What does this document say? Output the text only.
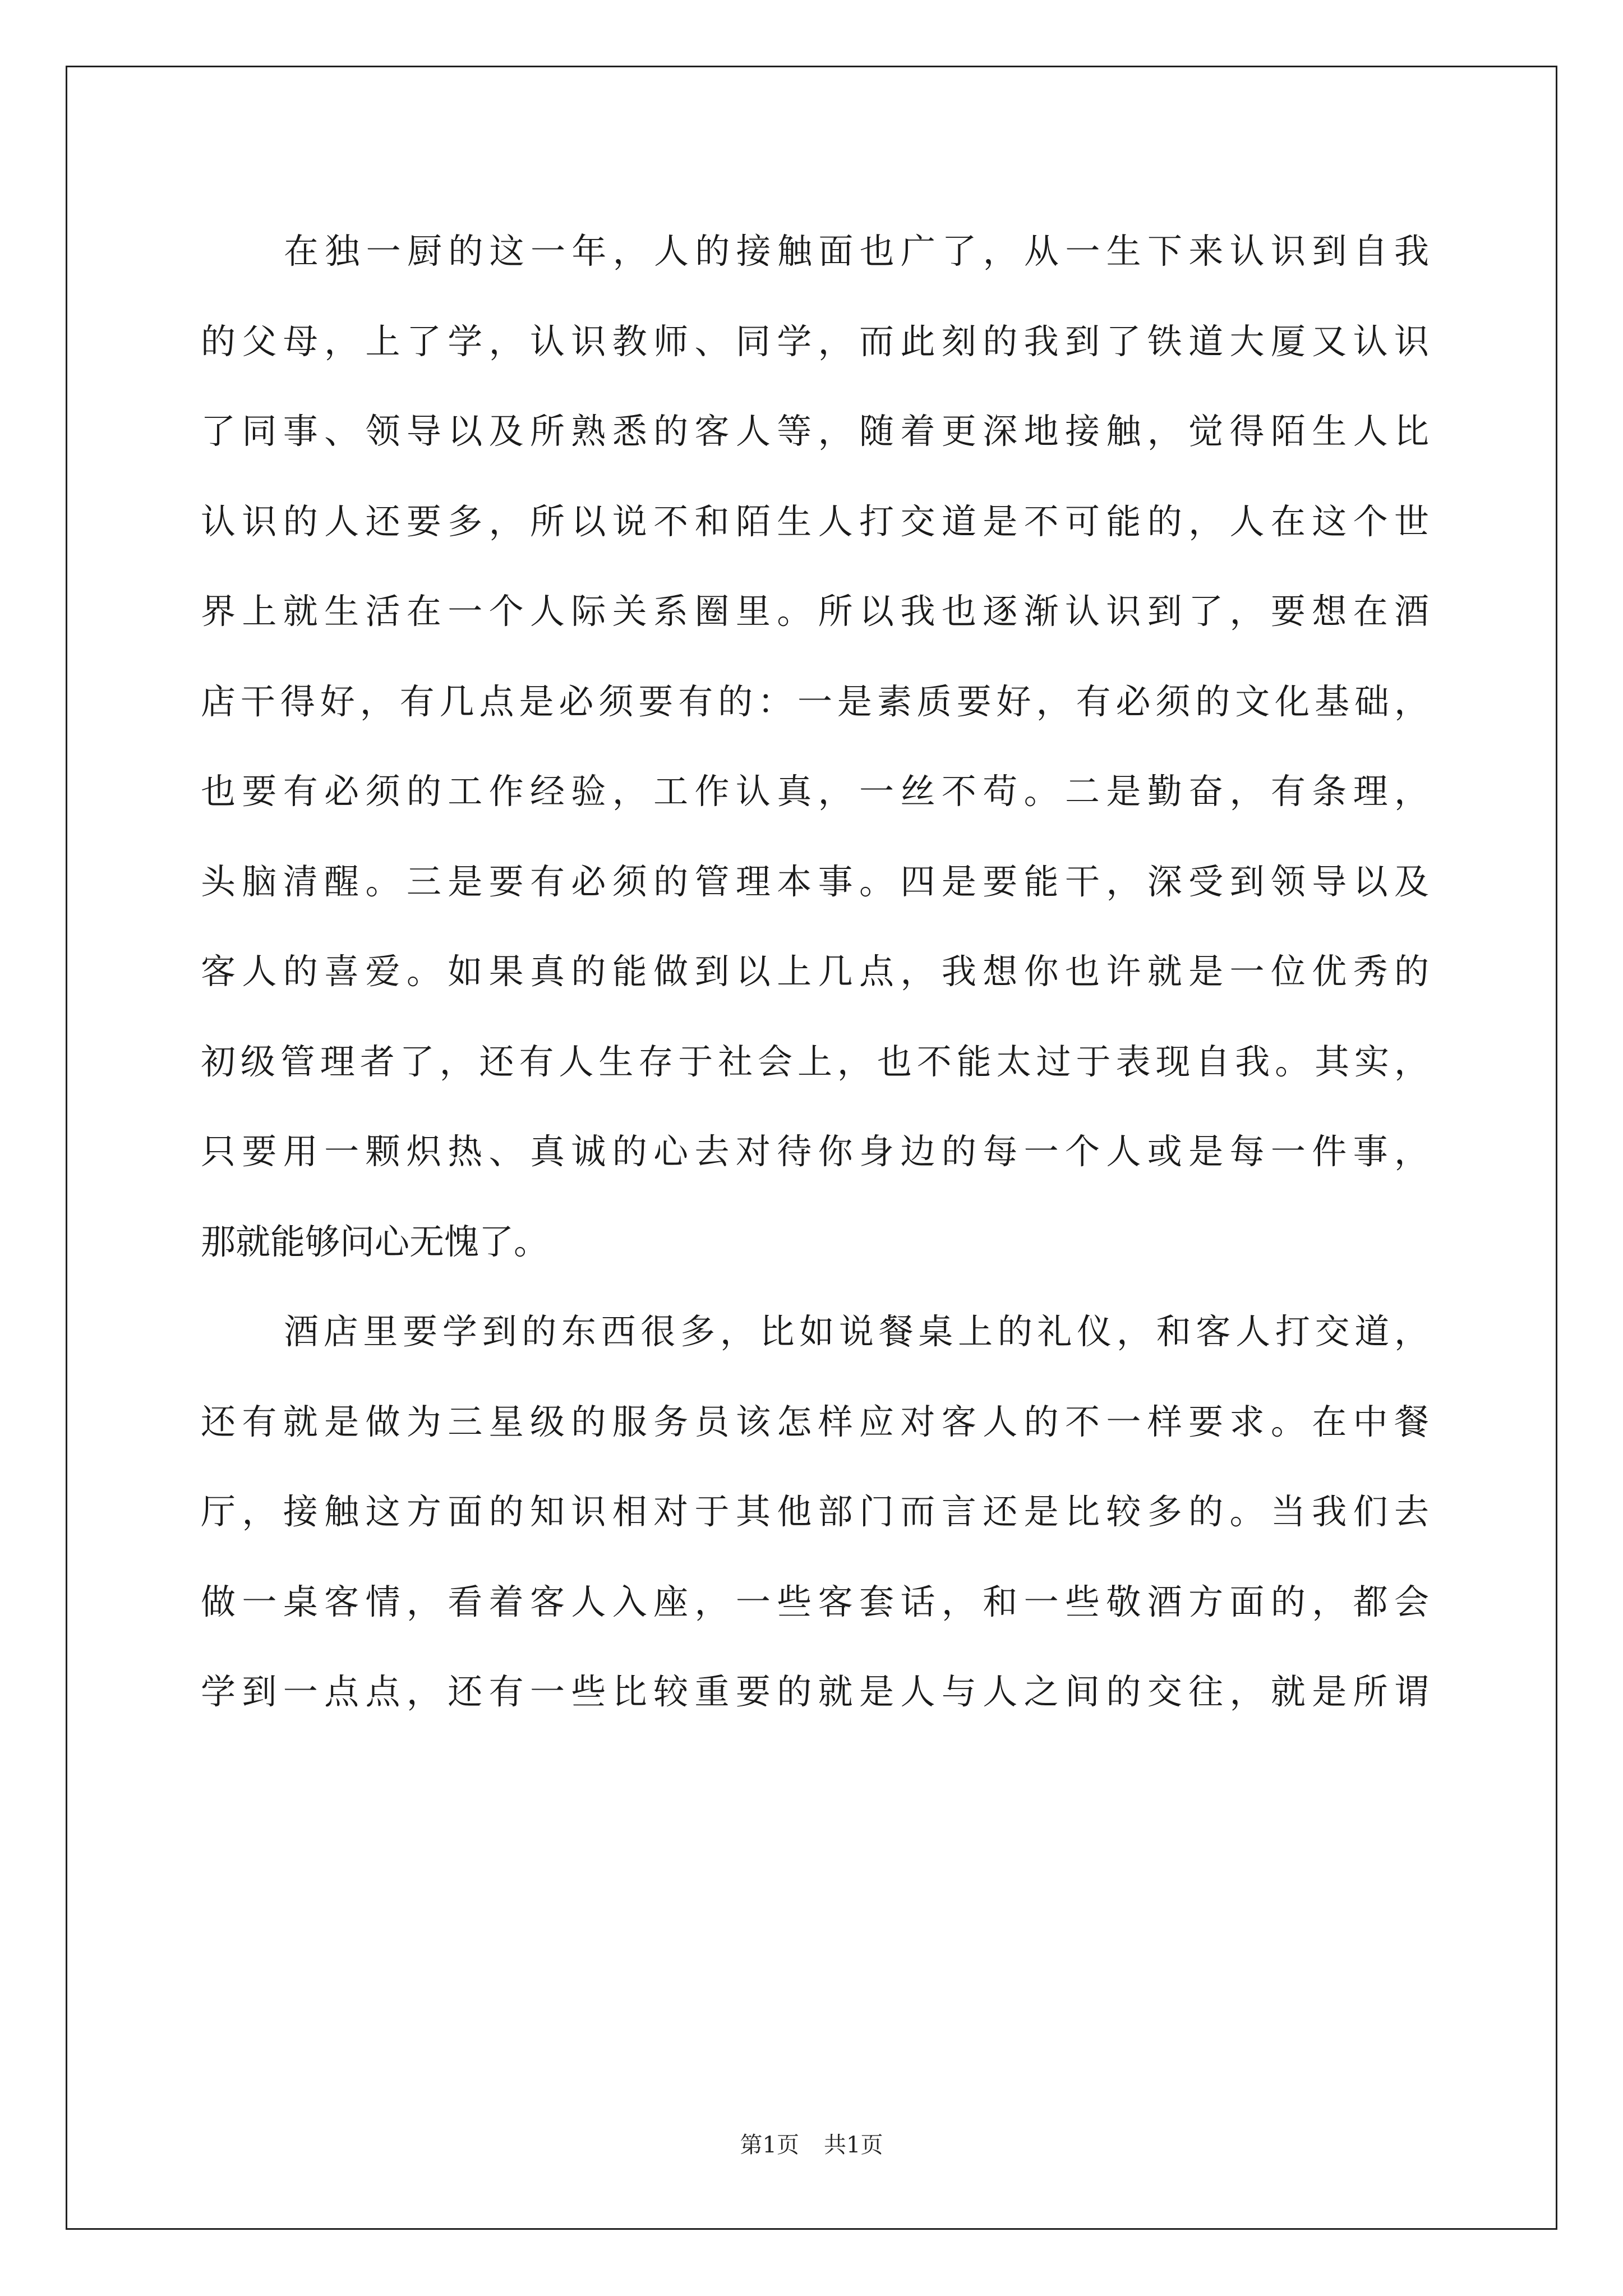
在独一厨的这一年，人的接触面也广了，从一生下来认识到自我
的父母，上了学，认识教师、同学，而此刻的我到了铁道大厦又认识
了同事、领导以及所熟悉的客人等，随着更深地接触，觉得陌生人比
认识的人还要多，所以说不和陌生人打交道是不可能的，人在这个世
界上就生活在一个人际关系圈里。所以我也逐渐认识到了，要想在酒
店干得好，有几点是必须要有的：一是素质要好，有必须的文化基础，
也要有必须的工作经验，工作认真，一丝不苟。二是勤奋，有条理，
头脑清醒。三是要有必须的管理本事。四是要能干，深受到领导以及
客人的喜爱。如果真的能做到以上几点，我想你也许就是一位优秀的
初级管理者了，还有人生存于社会上，也不能太过于表现自我。其实，
只要用一颗炽热、真诚的心去对待你身边的每一个人或是每一件事，
那就能够问心无愧了。
酒店里要学到的东西很多，比如说餐桌上的礼仪，和客人打交道，
还有就是做为三星级的服务员该怎样应对客人的不一样要求。在中餐
厅，接触这方面的知识相对于其他部门而言还是比较多的。当我们去
做一桌客情，看着客人入座，一些客套话，和一些敬酒方面的，都会
学到一点点，还有一些比较重要的就是人与人之间的交往，就是所谓
第1页 共1页
